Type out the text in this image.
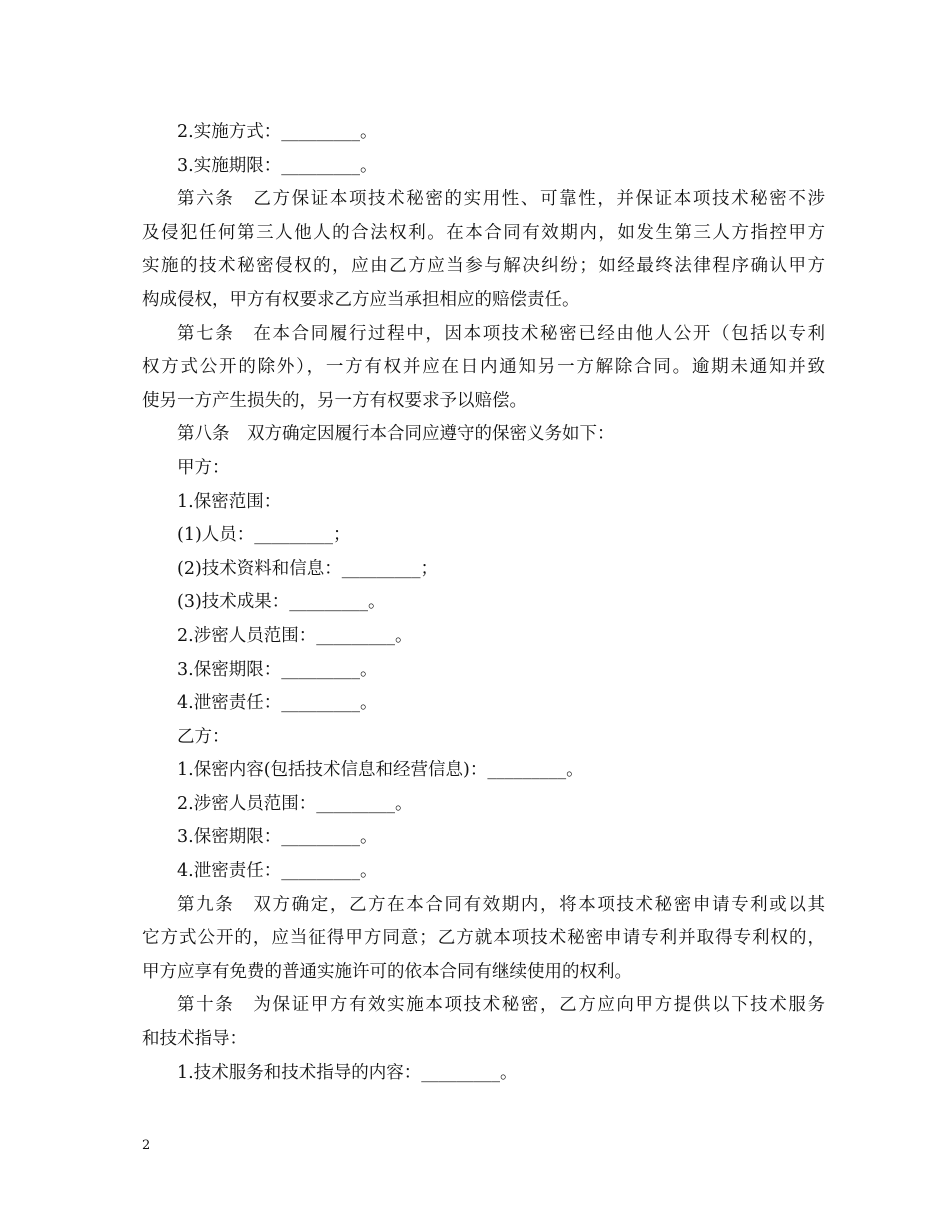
2.实施方式：_________。
3.实施期限：_________。
第六条　乙方保证本项技术秘密的实用性、可靠性，并保证本项技术秘密不涉
及侵犯任何第三人他人的合法权利。在本合同有效期内，如发生第三人方指控甲方
实施的技术秘密侵权的，应由乙方应当参与解决纠纷；如经最终法律程序确认甲方
构成侵权，甲方有权要求乙方应当承担相应的赔偿责任。
第七条　在本合同履行过程中，因本项技术秘密已经由他人公开（包括以专利
权方式公开的除外），一方有权并应在日内通知另一方解除合同。逾期未通知并致
使另一方产生损失的，另一方有权要求予以赔偿。
第八条　双方确定因履行本合同应遵守的保密义务如下：
甲方：
1.保密范围：
(1)人员：_________；
(2)技术资料和信息：_________；
(3)技术成果：_________。
2.涉密人员范围：_________。
3.保密期限：_________。
4.泄密责任：_________。
乙方：
1.保密内容(包括技术信息和经营信息)：_________。
2.涉密人员范围：_________。
3.保密期限：_________。
4.泄密责任：_________。
第九条　双方确定，乙方在本合同有效期内，将本项技术秘密申请专利或以其
它方式公开的，应当征得甲方同意；乙方就本项技术秘密申请专利并取得专利权的，
甲方应享有免费的普通实施许可的依本合同有继续使用的权利。
第十条　为保证甲方有效实施本项技术秘密，乙方应向甲方提供以下技术服务
和技术指导：
1.技术服务和技术指导的内容：_________。
2
